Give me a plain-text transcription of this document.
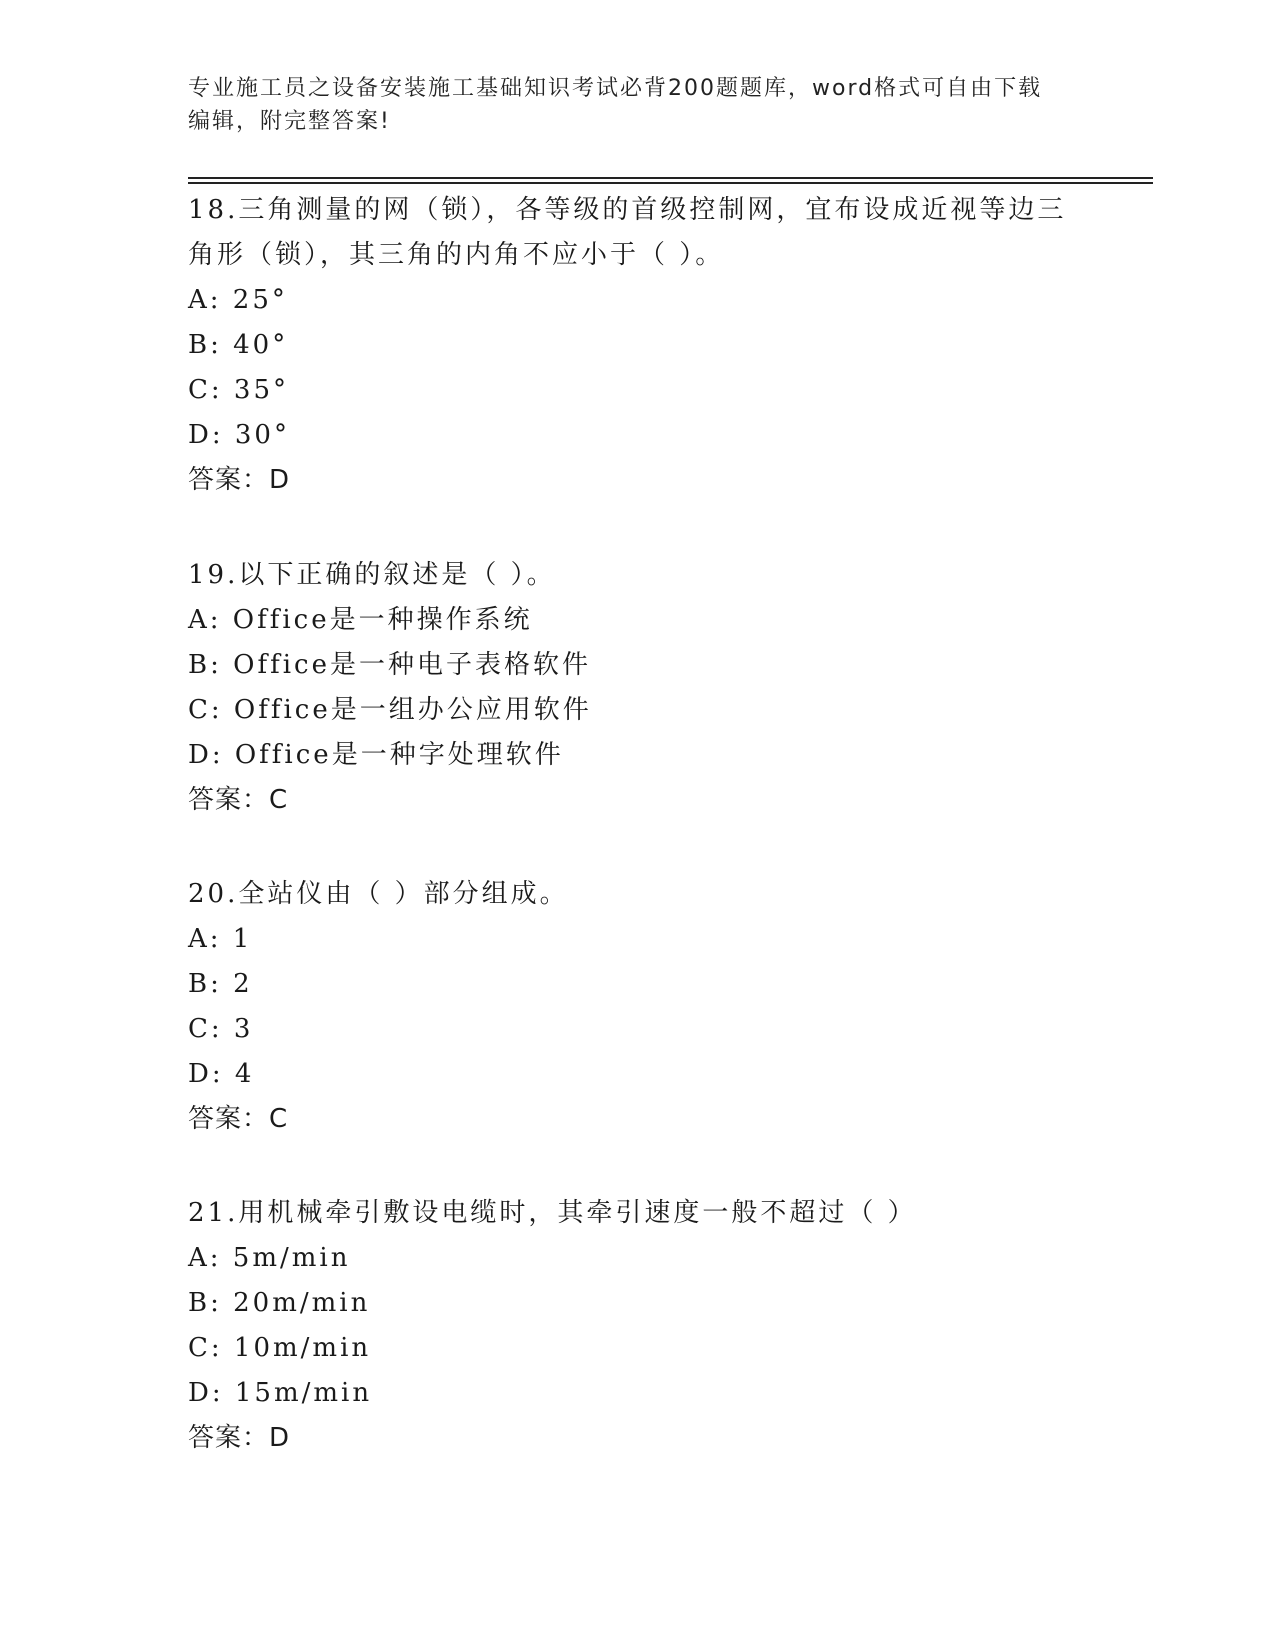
专业施工员之设备安装施工基础知识考试必背200题题库，word格式可自由下载
编辑，附完整答案!

18.三角测量的网（锁），各等级的首级控制网，宜布设成近视等边三

角形（锁），其三角的内角不应小于（ ）。

A: 25°

B: 40°

C: 35°

D: 30°

答案：D

19.以下正确的叙述是（ ）。

A: Office是一种操作系统

B: Office是一种电子表格软件

C: Office是一组办公应用软件

D: Office是一种字处理软件

答案：C

20.全站仪由（ ）部分组成。

A: 1

B: 2

C: 3

D: 4

答案：C

21.用机械牵引敷设电缆时，其牵引速度一般不超过（ ）

A: 5m/min

B: 20m/min

C: 10m/min

D: 15m/min

答案：D
